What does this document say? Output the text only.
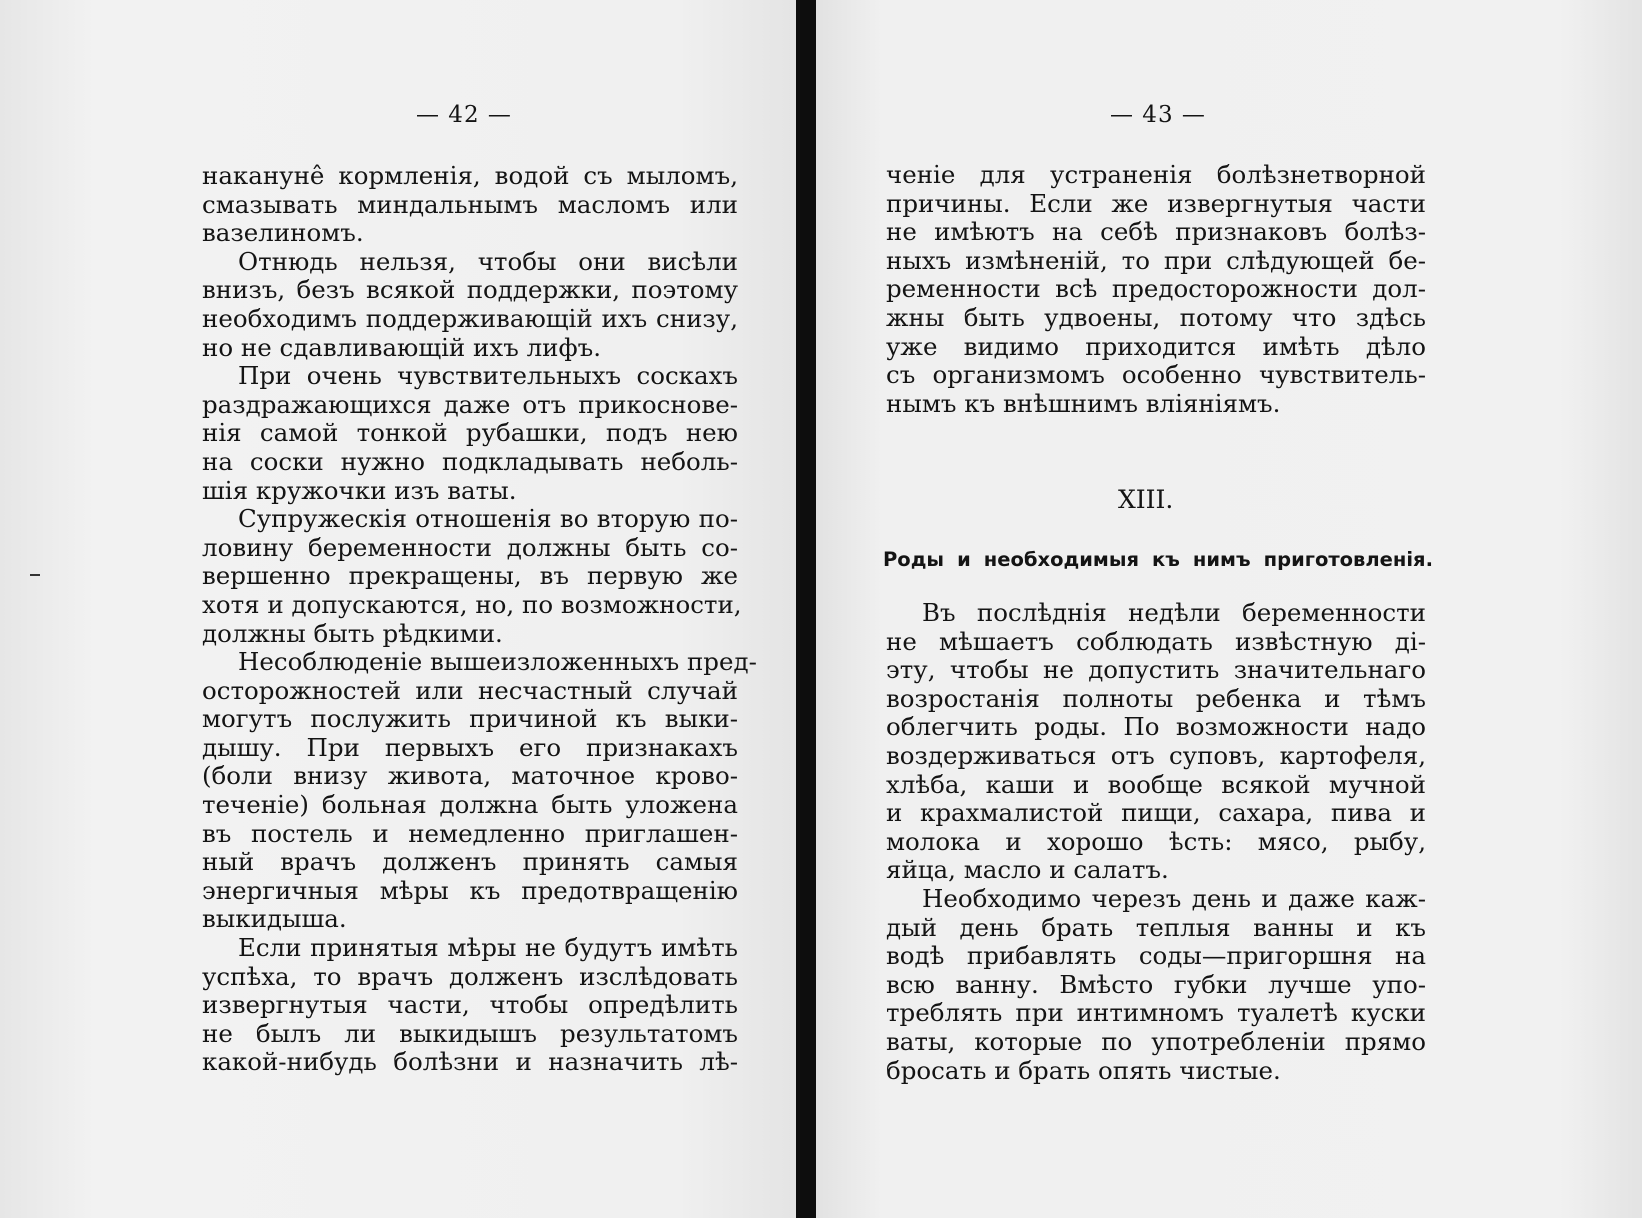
— 42 —
накануне̂ кормленія, водой съ мыломъ,
смазывать миндальнымъ масломъ или
вазелиномъ.
Отнюдь нельзя, чтобы они висѣли
внизъ, безъ всякой поддержки, поэтому
необходимъ поддерживающій ихъ снизу,
но не сдавливающій ихъ лифъ.
При очень чувствительныхъ соскахъ
раздражающихся даже отъ прикосновe-
нія самой тонкой рубашки, подъ нею
на соски нужно подкладывать неболь-
шія кружочки изъ ваты.
Супружескія отношенія во вторую по-
ловину беременности должны быть со-
вершенно прекращены, въ первую же
хотя и допускаются, но, по возможности,
должны быть рѣдкими.
Несоблюденіе вышеизложенныхъ пред-
осторожностей или несчастный случай
могутъ послужить причиной къ выки-
дышу. При первыхъ его признакахъ
(боли внизу живота, маточное крово-
теченіе) больная должна быть уложена
въ постель и немедленно приглашен-
ный врачъ долженъ принять самыя
энергичныя мѣры къ предотвращенію
выкидыша.
Если принятыя мѣры не будутъ имѣть
успѣха, то врачъ долженъ изслѣдовать
извергнутыя части, чтобы опредѣлить
не былъ ли выкидышъ результатомъ
какой-нибудь болѣзни и назначить лѣ-
— 43 —
ченіе для устраненія болѣзнетворной
причины. Если же извергнутыя части
не имѣютъ на себѣ признаковъ болѣз-
ныхъ измѣненій, то при слѣдующей бе-
ременности всѣ предосторожности дол-
жны быть удвоены, потому что здѣсь
уже видимо приходится имѣть дѣло
съ организмомъ особенно чувствитель-
нымъ къ внѣшнимъ вліяніямъ.
XIII.
Роды и необходимыя къ нимъ приготовленія.
Въ послѣднія недѣли беременности
не мѣшаетъ соблюдать извѣстную ді-
эту, чтобы не допустить значительнаго
возростанія полноты ребенка и тѣмъ
облегчить роды. По возможности надо
воздерживаться отъ суповъ, картофеля,
хлѣба, каши и вообще всякой мучной
и крахмалистой пищи, сахара, пива и
молока и хорошо ѣсть: мясо, рыбу,
яйца, масло и салатъ.
Необходимо черезъ день и даже каж-
дый день брать теплыя ванны и къ
водѣ прибавлять соды—пригоршня на
всю ванну. Вмѣсто губки лучше упо-
треблять при интимномъ туалетѣ куски
ваты, которые по употребленіи прямо
бросать и брать опять чистые.
